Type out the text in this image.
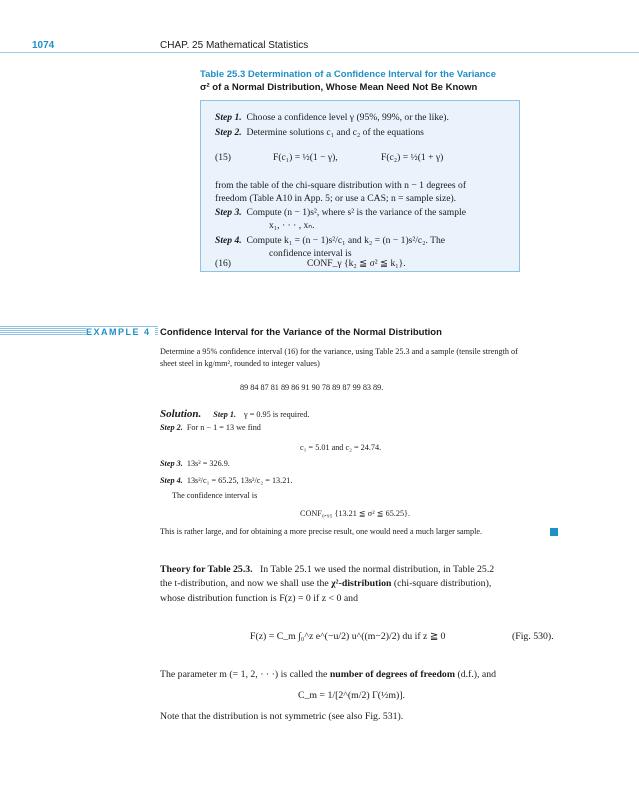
1074	CHAP. 25 Mathematical Statistics
Table 25.3 Determination of a Confidence Interval for the Variance
σ² of a Normal Distribution, Whose Mean Need Not Be Known
Step 1. Choose a confidence level γ (95%, 99%, or the like).
Step 2. Determine solutions c₁ and c₂ of the equations
(15)	F(c₁) = ½(1 − γ),	F(c₂) = ½(1 + γ)
from the table of the chi-square distribution with n − 1 degrees of
freedom (Table A10 in App. 5; or use a CAS; n = sample size).
Step 3. Compute (n − 1)s², where s² is the variance of the sample
x₁, · · · , xₙ.
Step 4. Compute k₁ = (n − 1)s²/c₁ and k₂ = (n − 1)s²/c₂. The
confidence interval is
(16)	CONF_γ {k₂ ≦ σ² ≦ k₁}.
EXAMPLE 4 Confidence Interval for the Variance of the Normal Distribution
Determine a 95% confidence interval (16) for the variance, using Table 25.3 and a sample (tensile strength of
sheet steel in kg/mm², rounded to integer values)
89 84 87 81 89 86 91 90 78 89 87 99 83 89.
Solution. Step 1. γ = 0.95 is required.
Step 2. For n − 1 = 13 we find
c₁ = 5.01 and c₂ = 24.74.
Step 3. 13s² = 326.9.
Step 4. 13s²/c₁ = 65.25, 13s²/c₂ = 13.21.
The confidence interval is
CONF₀.₉₅ {13.21 ≦ σ² ≦ 65.25}.
This is rather large, and for obtaining a more precise result, one would need a much larger sample.
Theory for Table 25.3. In Table 25.1 we used the normal distribution, in Table 25.2
the t-distribution, and now we shall use the χ²-distribution (chi-square distribution),
whose distribution function is F(z) = 0 if z < 0 and
F(z) = C_m ∫₀^z e^(−u/2) u^((m−2)/2) du if z ≧ 0	(Fig. 530).
The parameter m (= 1, 2, · · ·) is called the number of degrees of freedom (d.f.), and
C_m = 1/[2^(m/2) Γ(½m)].
Note that the distribution is not symmetric (see also Fig. 531).
